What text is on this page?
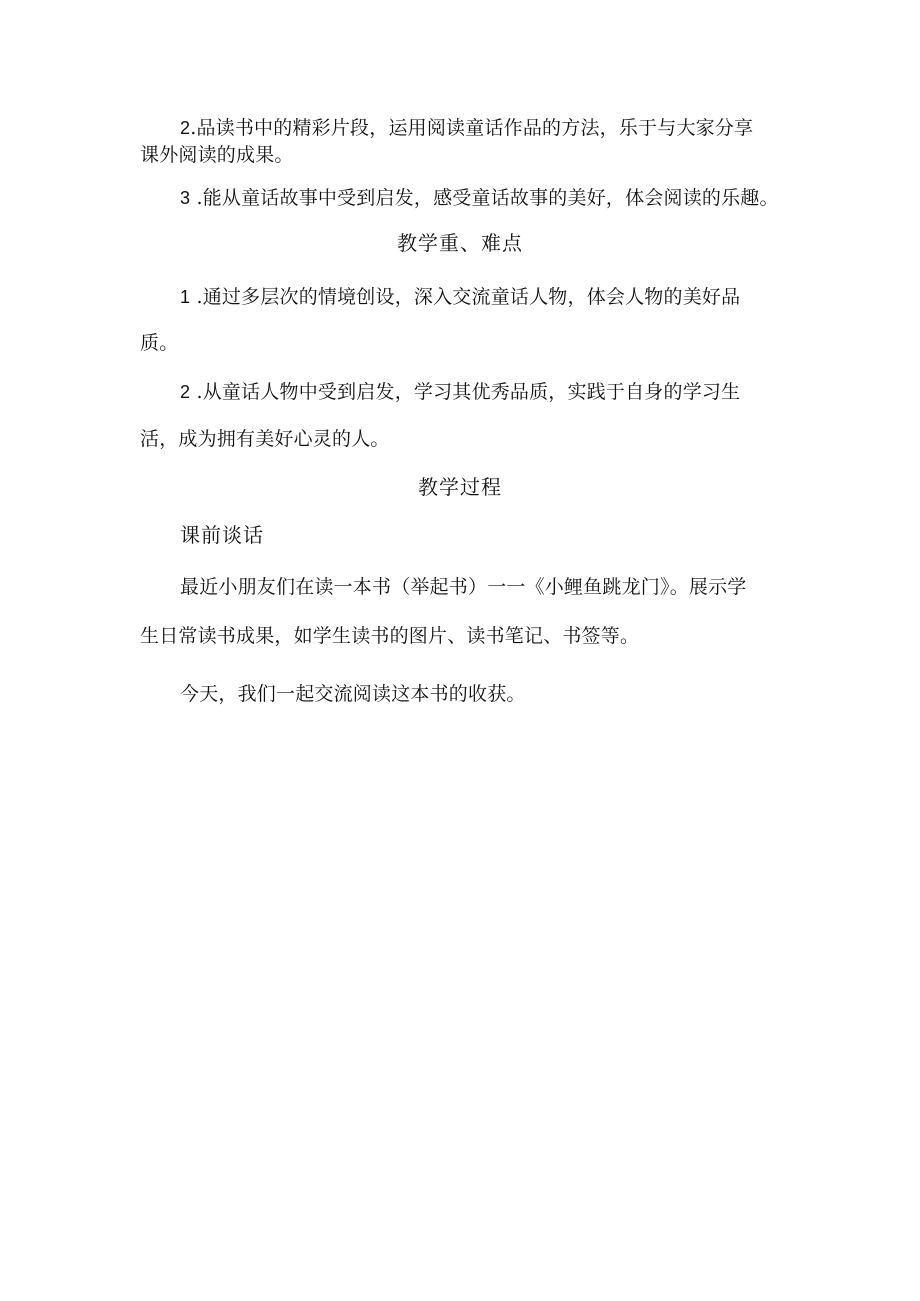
2.品读书中的精彩片段，运用阅读童话作品的方法，乐于与大家分享
课外阅读的成果。
3 .能从童话故事中受到启发，感受童话故事的美好，体会阅读的乐趣。
教学重、难点
1 .通过多层次的情境创设，深入交流童话人物，体会人物的美好品
质。
2 .从童话人物中受到启发，学习其优秀品质，实践于自身的学习生
活，成为拥有美好心灵的人。
教学过程
课前谈话
最近小朋友们在读一本书（举起书）一一《小鲤鱼跳龙门》。展示学
生日常读书成果，如学生读书的图片、读书笔记、书签等。
今天，我们一起交流阅读这本书的收获。
